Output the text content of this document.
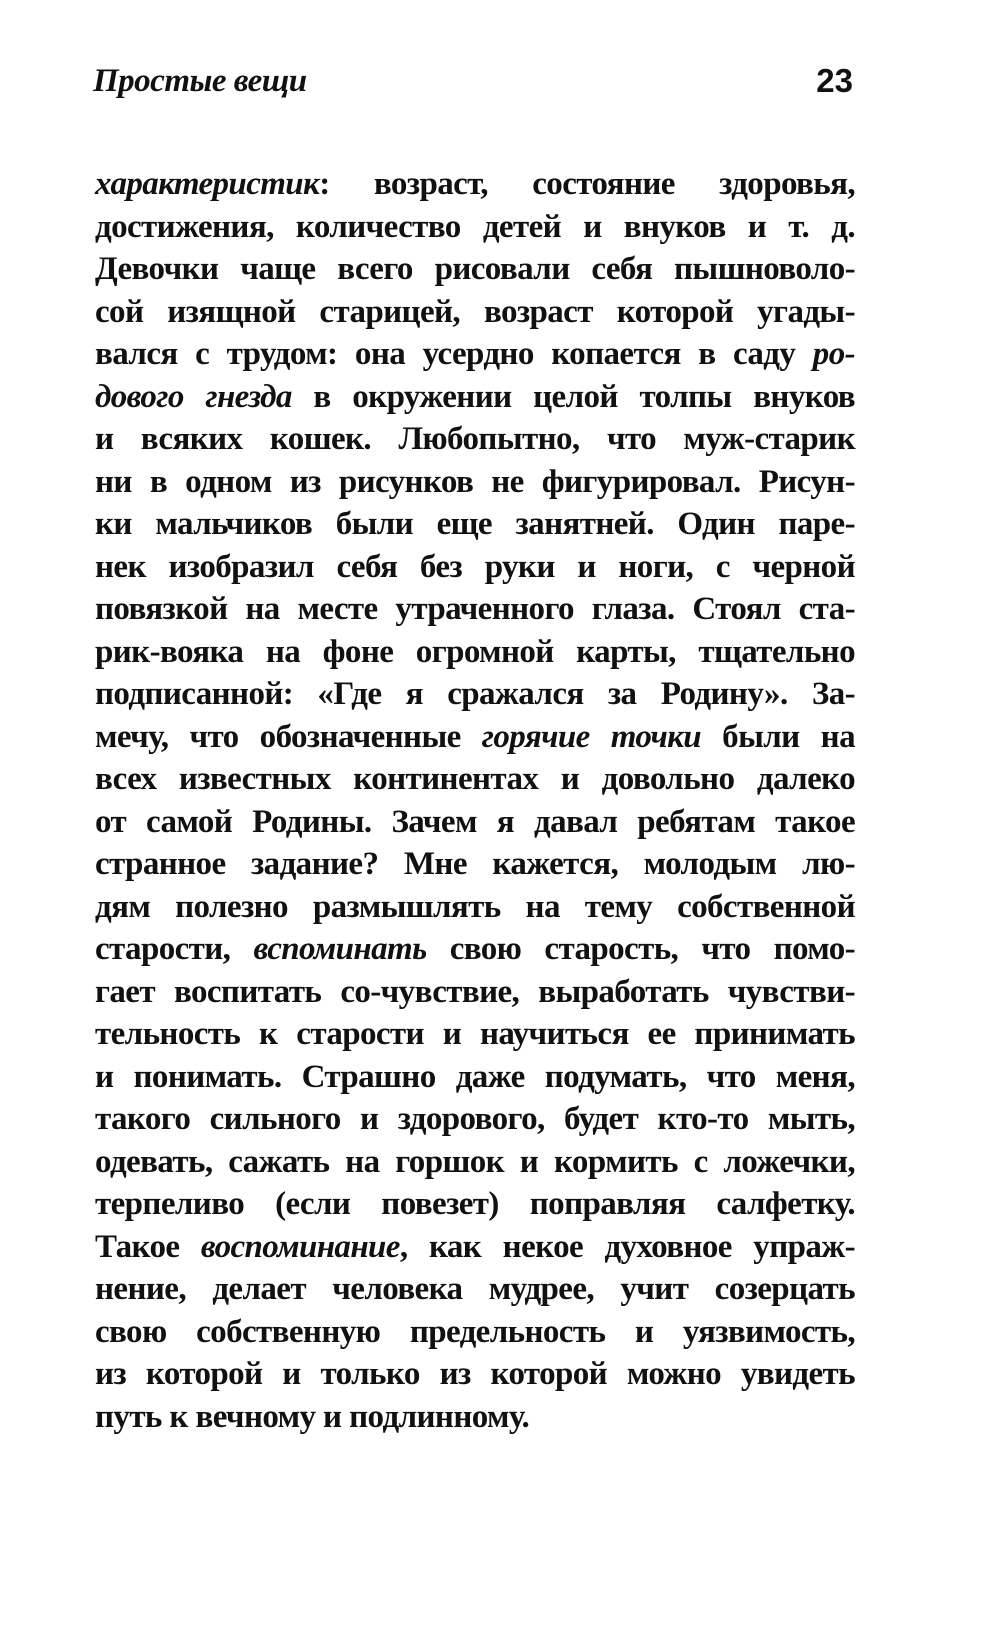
Простые вещи	23
характеристик: возраст, состояние здоровья,
достижения, количество детей и внуков и т. д.
Девочки чаще всего рисовали себя пышноволо-
сой изящной старицей, возраст которой угады-
вался с трудом: она усердно копается в саду ро-
дового гнезда в окружении целой толпы внуков
и всяких кошек. Любопытно, что муж-старик
ни в одном из рисунков не фигурировал. Рисун-
ки мальчиков были еще занятней. Один паре-
нек изобразил себя без руки и ноги, с черной
повязкой на месте утраченного глаза. Стоял ста-
рик-вояка на фоне огромной карты, тщательно
подписанной: «Где я сражался за Родину». За-
мечу, что обозначенные горячие точки были на
всех известных континентах и довольно далеко
от самой Родины. Зачем я давал ребятам такое
странное задание? Мне кажется, молодым лю-
дям полезно размышлять на тему собственной
старости, вспоминать свою старость, что помо-
гает воспитать со-чувствие, выработать чувстви-
тельность к старости и научиться ее принимать
и понимать. Страшно даже подумать, что меня,
такого сильного и здорового, будет кто-то мыть,
одевать, сажать на горшок и кормить с ложечки,
терпеливо (если повезет) поправляя салфетку.
Такое воспоминание, как некое духовное упраж-
нение, делает человека мудрее, учит созерцать
свою собственную предельность и уязвимость,
из которой и только из которой можно увидеть
путь к вечному и подлинному.
